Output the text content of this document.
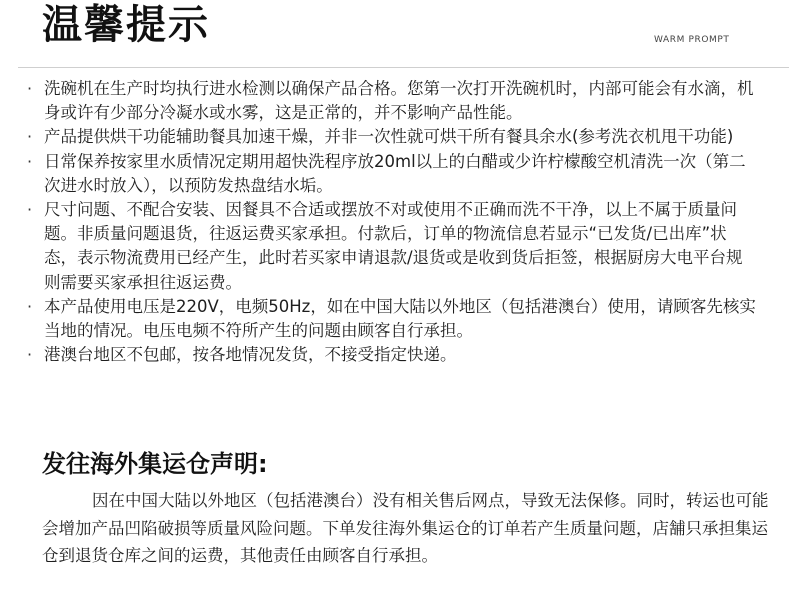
温馨提示	WARM PROMPT
· 洗碗机在生产时均执行进水检测以确保产品合格。您第一次打开洗碗机时，内部可能会有水滴，机身或许有少部分冷凝水或水雾，这是正常的，并不影响产品性能。
· 产品提供烘干功能辅助餐具加速干燥，并非一次性就可烘干所有餐具余水(参考洗衣机甩干功能)
· 日常保养按家里水质情况定期用超快洗程序放20ml以上的白醋或少许柠檬酸空机清洗一次（第二次进水时放入），以预防发热盘结水垢。
· 尺寸问题、不配合安装、因餐具不合适或摆放不对或使用不正确而洗不干净，以上不属于质量问题。非质量问题退货，往返运费买家承担。付款后，订单的物流信息若显示“已发货/已出库”状态，表示物流费用已经产生，此时若买家申请退款/退货或是收到货后拒签，根据厨房大电平台规则需要买家承担往返运费。
· 本产品使用电压是220V，电频50Hz，如在中国大陆以外地区（包括港澳台）使用，请顾客先核实当地的情况。电压电频不符所产生的问题由顾客自行承担。
· 港澳台地区不包邮，按各地情况发货，不接受指定快递。
发往海外集运仓声明:

因在中国大陆以外地区（包括港澳台）没有相关售后网点，导致无法保修。同时，转运也可能会增加产品凹陷破损等质量风险问题。下单发往海外集运仓的订单若产生质量问题，店舗只承担集运仓到退货仓库之间的运费，其他责任由顾客自行承担。
